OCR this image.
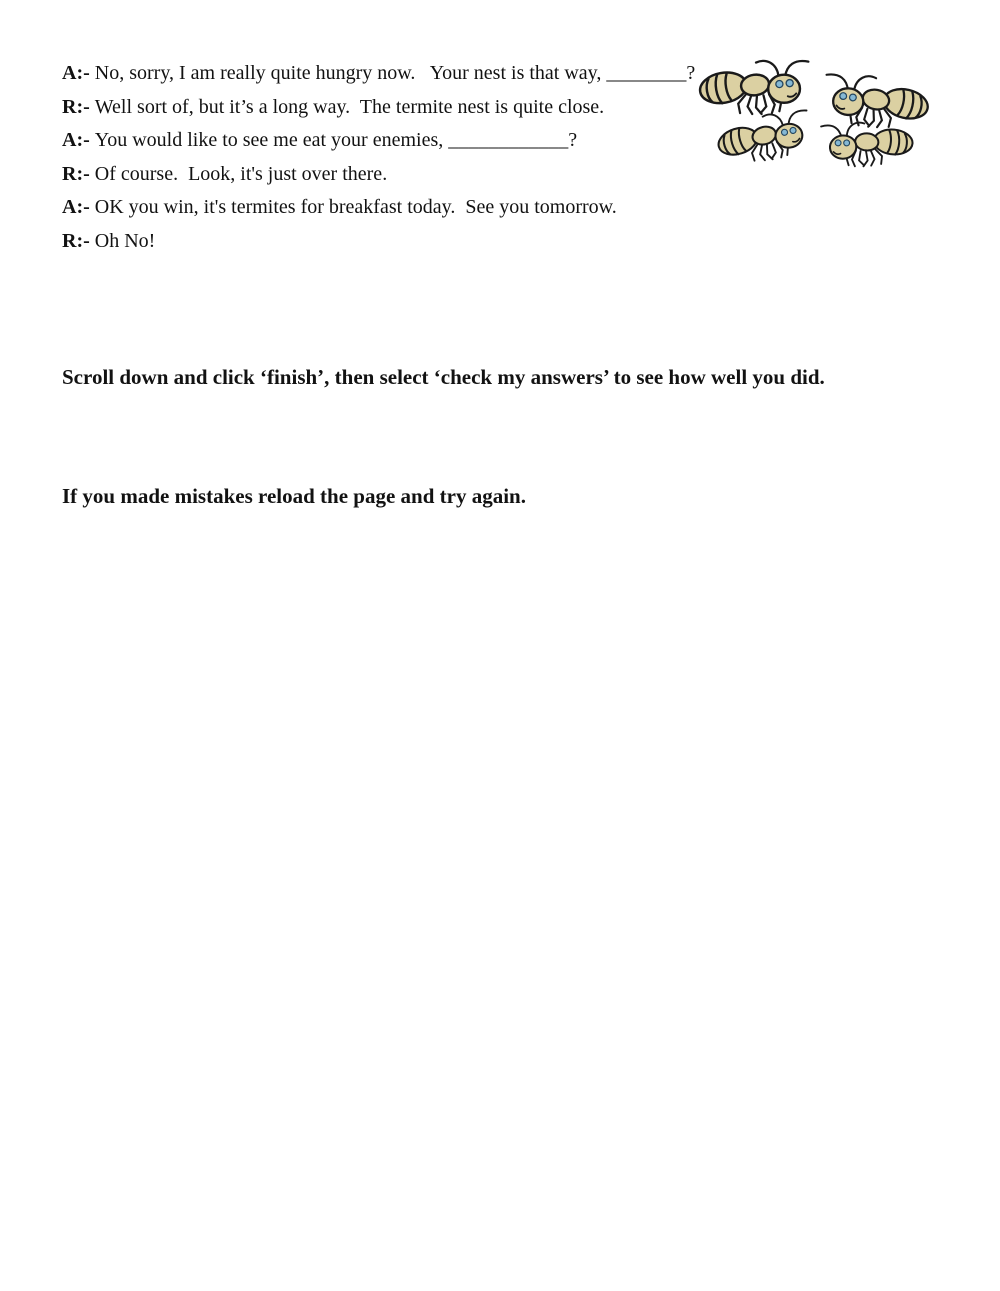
A:- No, sorry, I am really quite hungry now.   Your nest is that way, ________?

R:- Well sort of, but it’s a long way.  The termite nest is quite close.

A:- You would like to see me eat your enemies, ____________?

R:- Of course.  Look, it's just over there.

A:- OK you win, it's termites for breakfast today.  See you tomorrow.

R:- Oh No!

Scroll down and click ‘finish’, then select ‘check my answers’ to see how well you did.

If you made mistakes reload the page and try again.
